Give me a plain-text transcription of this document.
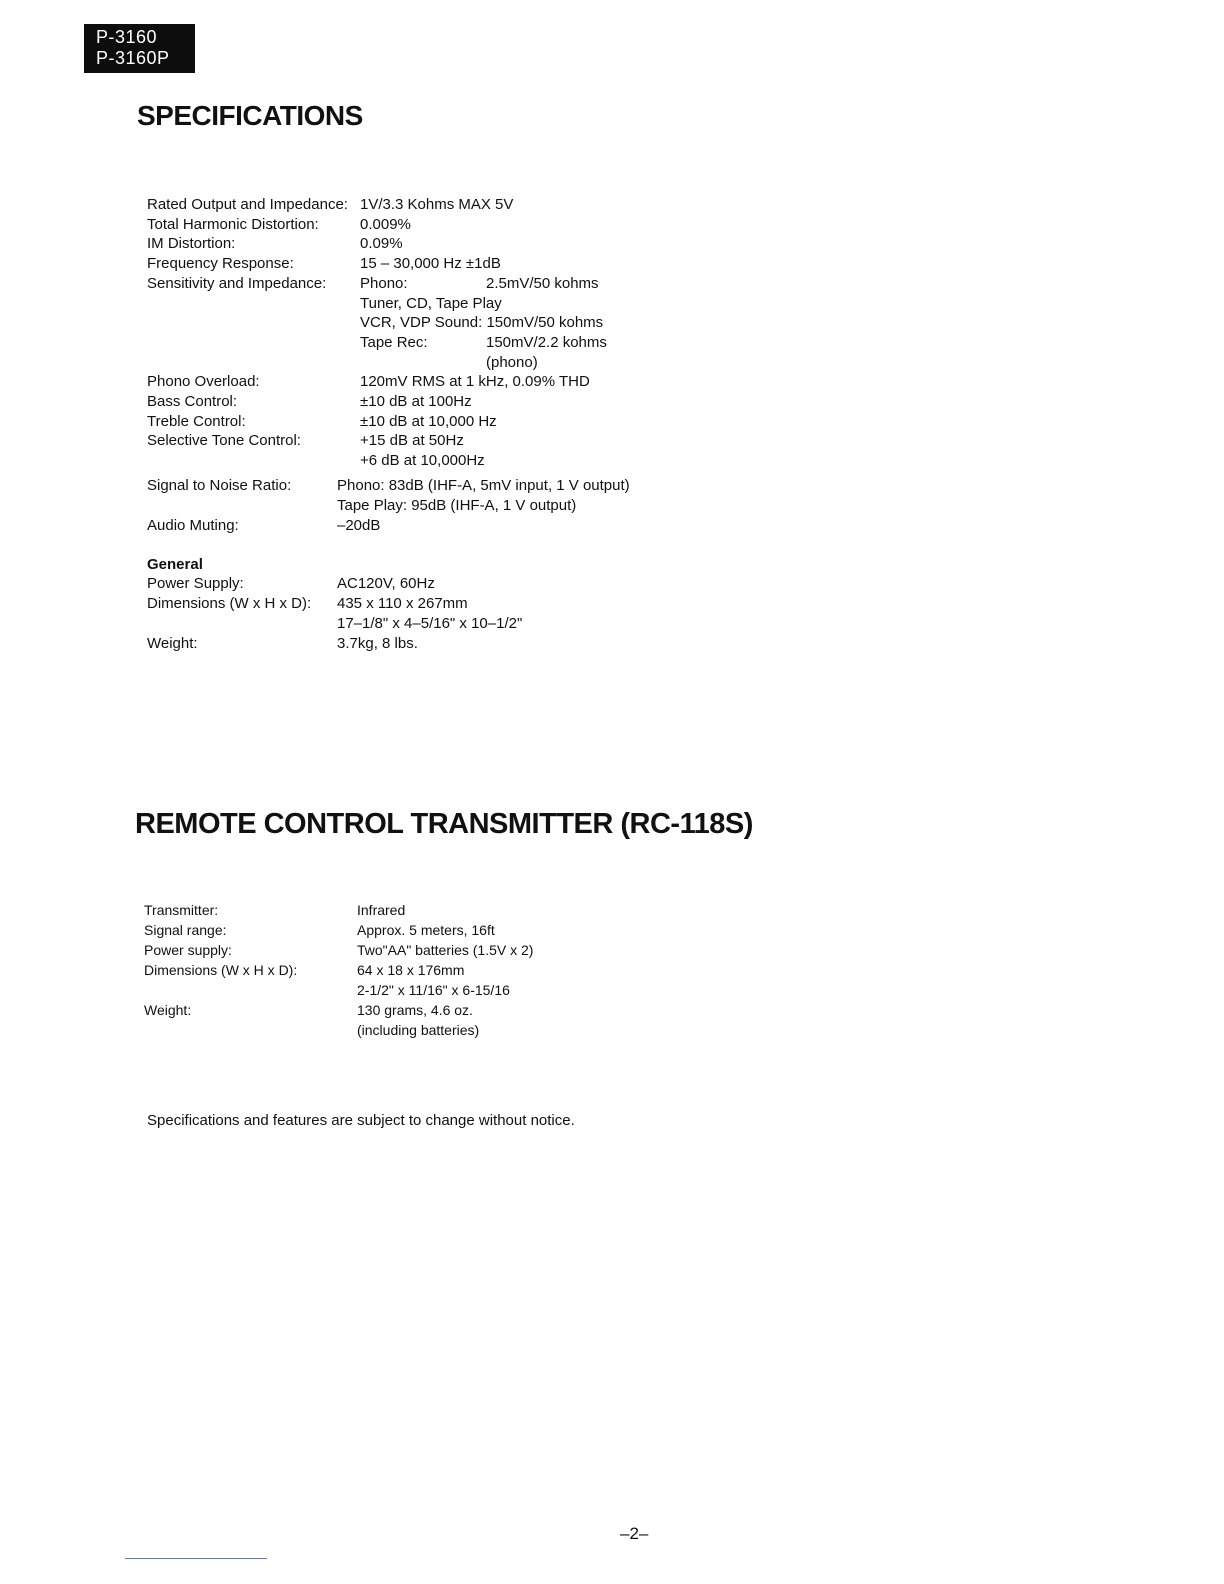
P-3160
P-3160P
SPECIFICATIONS
Rated Output and Impedance: 1V/3.3 Kohms MAX 5V
Total Harmonic Distortion:	0.009%
IM Distortion:	0.09%
Frequency Response:	15 – 30,000 Hz ±1dB
Sensitivity and Impedance: Phono:	2.5mV/50 kohms
Tuner, CD, Tape Play
VCR, VDP Sound: 150mV/50 kohms
Tape Rec:	150mV/2.2 kohms
(phono)
Phono Overload:	120mV RMS at 1 kHz, 0.09% THD
Bass Control:	±10 dB at 100Hz
Treble Control:	±10 dB at 10,000 Hz
Selective Tone Control:	+15 dB at 50Hz
+6 dB at 10,000Hz
Signal to Noise Ratio:	Phono: 83dB (IHF-A, 5mV input, 1 V output)
Tape Play: 95dB (IHF-A, 1 V output)
Audio Muting:	–20dB
General
Power Supply:	AC120V, 60Hz
Dimensions (W x H x D): 435 x 110 x 267mm
17–1/8" x 4–5/16" x 10–1/2"
Weight:	3.7kg, 8 lbs.
REMOTE CONTROL TRANSMITTER (RC-118S)
Transmitter:	Infrared
Signal range:	Approx. 5 meters, 16ft
Power supply:	Two"AA" batteries (1.5V x 2)
Dimensions (W x H x D):	64 x 18 x 176mm
2-1/2" x 11/16" x 6-15/16
Weight:	130 grams, 4.6 oz.
(including batteries)
Specifications and features are subject to change without notice.
–2–
